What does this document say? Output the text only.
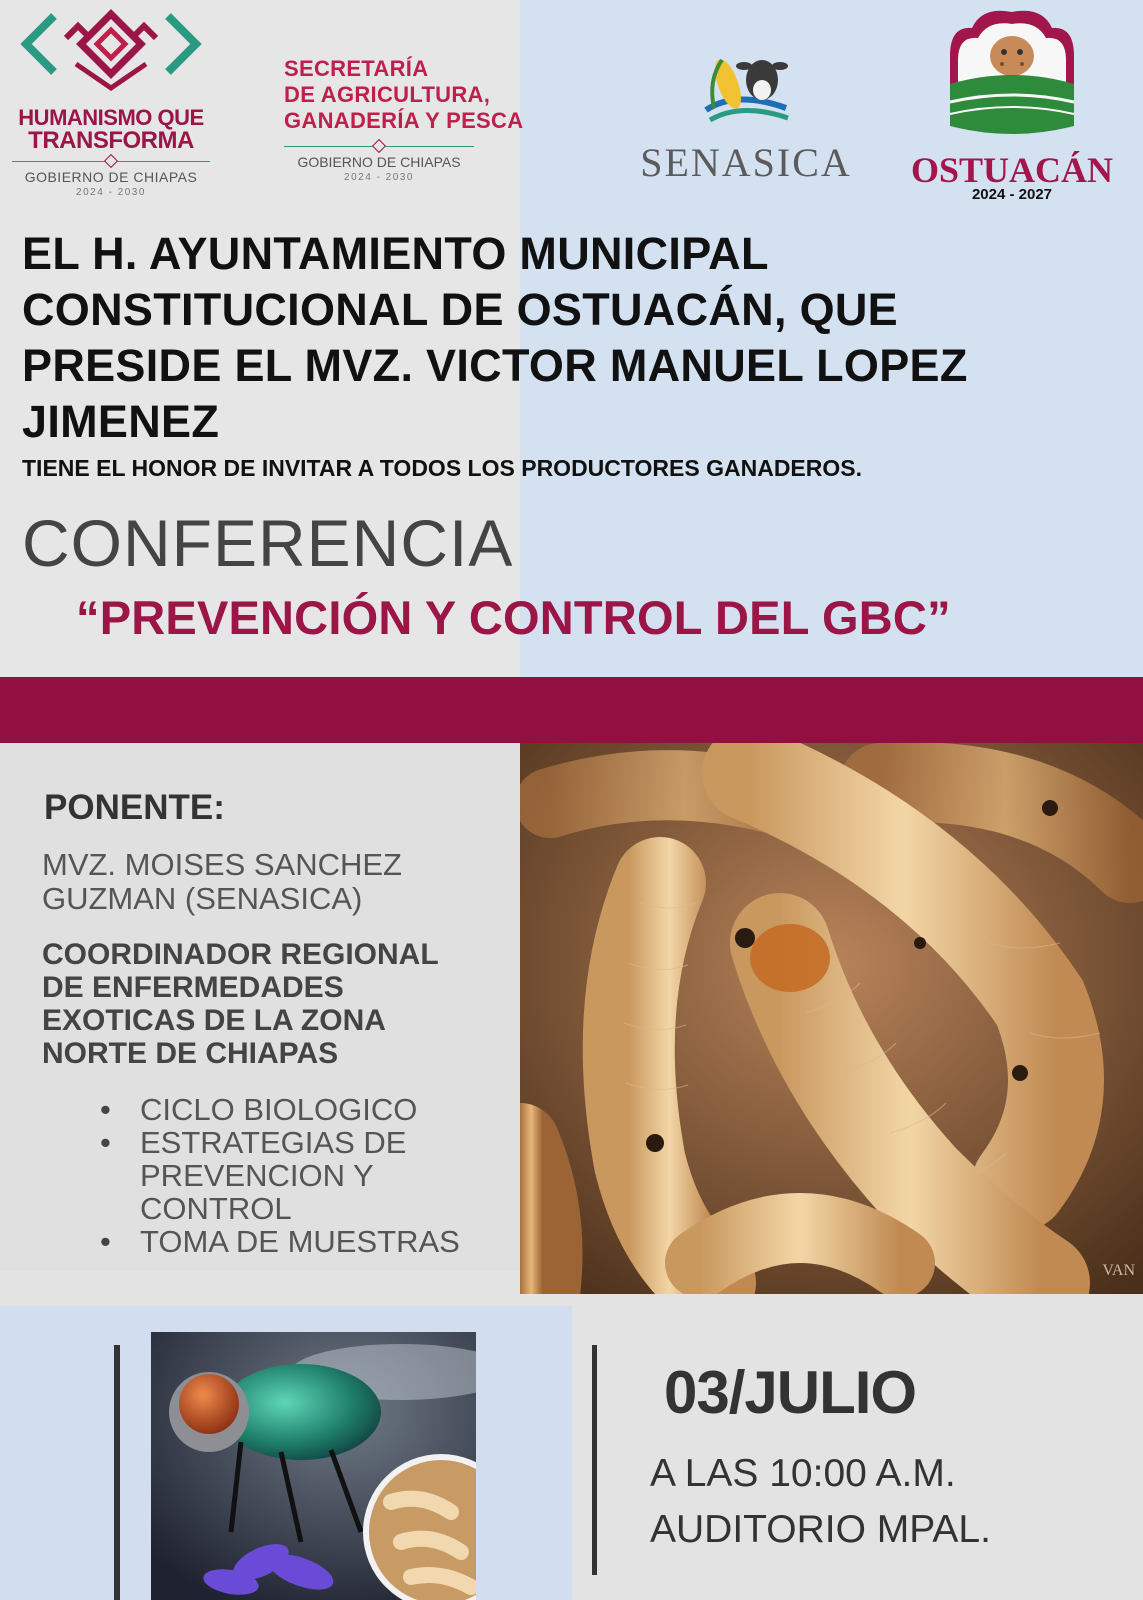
HUMANISMO QUE
TRANSFORMA
GOBIERNO DE CHIAPAS
2024 - 2030
SECRETARÍA
DE AGRICULTURA,
GANADERÍA Y PESCA
GOBIERNO DE CHIAPAS
2024 - 2030	SENASICA	OSTUACÁN
2024 - 2027
EL H. AYUNTAMIENTO MUNICIPAL
CONSTITUCIONAL DE OSTUACÁN, QUE
PRESIDE EL MVZ. VICTOR MANUEL LOPEZ
JIMENEZ
TIENE EL HONOR DE INVITAR A TODOS LOS PRODUCTORES GANADEROS.
CONFERENCIA
“PREVENCIÓN Y CONTROL DEL GBC”
PONENTE:
MVZ. MOISES SANCHEZ
GUZMAN (SENASICA)
COORDINADOR REGIONAL
DE ENFERMEDADES
EXOTICAS DE LA ZONA
NORTE DE CHIAPAS
• CICLO BIOLOGICO
• ESTRATEGIAS DE PREVENCION Y CONTROL
• TOMA DE MUESTRAS
VAN
03/JULIO
A LAS 10:00 A.M.
AUDITORIO MPAL.
